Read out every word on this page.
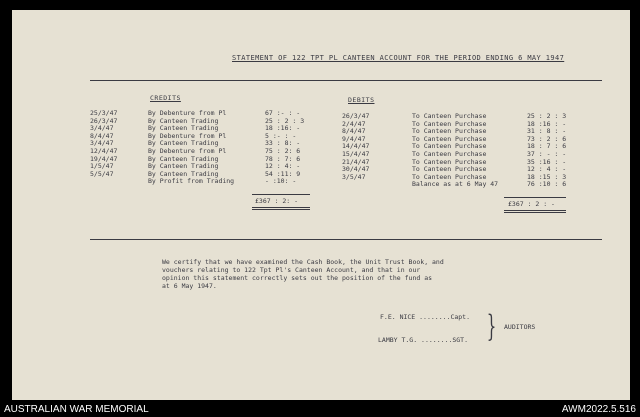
STATEMENT OF 122 TPT PL CANTEEN ACCOUNT FOR THE PERIOD ENDING 6 MAY 1947
CREDITS	DEBITS
25/3/47	By Debenture from Pl	67 :- : -
26/3/47	By Canteen Trading	25 : 2 : 3
3/4/47	By Canteen Trading	18 :16: -
8/4/47	By Debenture from Pl	5 :- : -
3/4/47	By Canteen Trading	33 : 8: -
12/4/47	By Debenture from Pl	75 : 2: 6
19/4/47	By Canteen Trading	78 : 7: 6
1/5/47	By Canteen Trading	12 : 4: -
5/5/47	By Canteen Trading	54 :11: 9
By Profit from Trading	- :10: -
26/3/47	To Canteen Purchase	25 : 2 : 3
2/4/47	To Canteen Purchase	18 :16 : -
8/4/47	To Canteen Purchase	31 : 8 : -
9/4/47	To Canteen Purchase	73 : 2 : 6
14/4/47	To Canteen Purchase	18 : 7 : 6
15/4/47	To Canteen Purchase	37 : - : -
21/4/47	To Canteen Purchase	35 :16 : -
30/4/47	To Canteen Purchase	12 : 4 : -
3/5/47	To Canteen Purchase	18 :15 : 3
Balance as at 6 May 47	76 :10 : 6
£367 : 2: -	£367 : 2 : -
We certify that we have examined the Cash Book, the Unit Trust Book, and
vouchers relating to 122 Tpt Pl's Canteen Account, and that in our
opinion this statement correctly sets out the position of the fund as
at 6 May 1947.
F.E. NICE ........Capt.
LAMBY T.G. ........SGT. } AUDITORS
AUSTRALIAN WAR MEMORIAL	AWM2022.5.516
